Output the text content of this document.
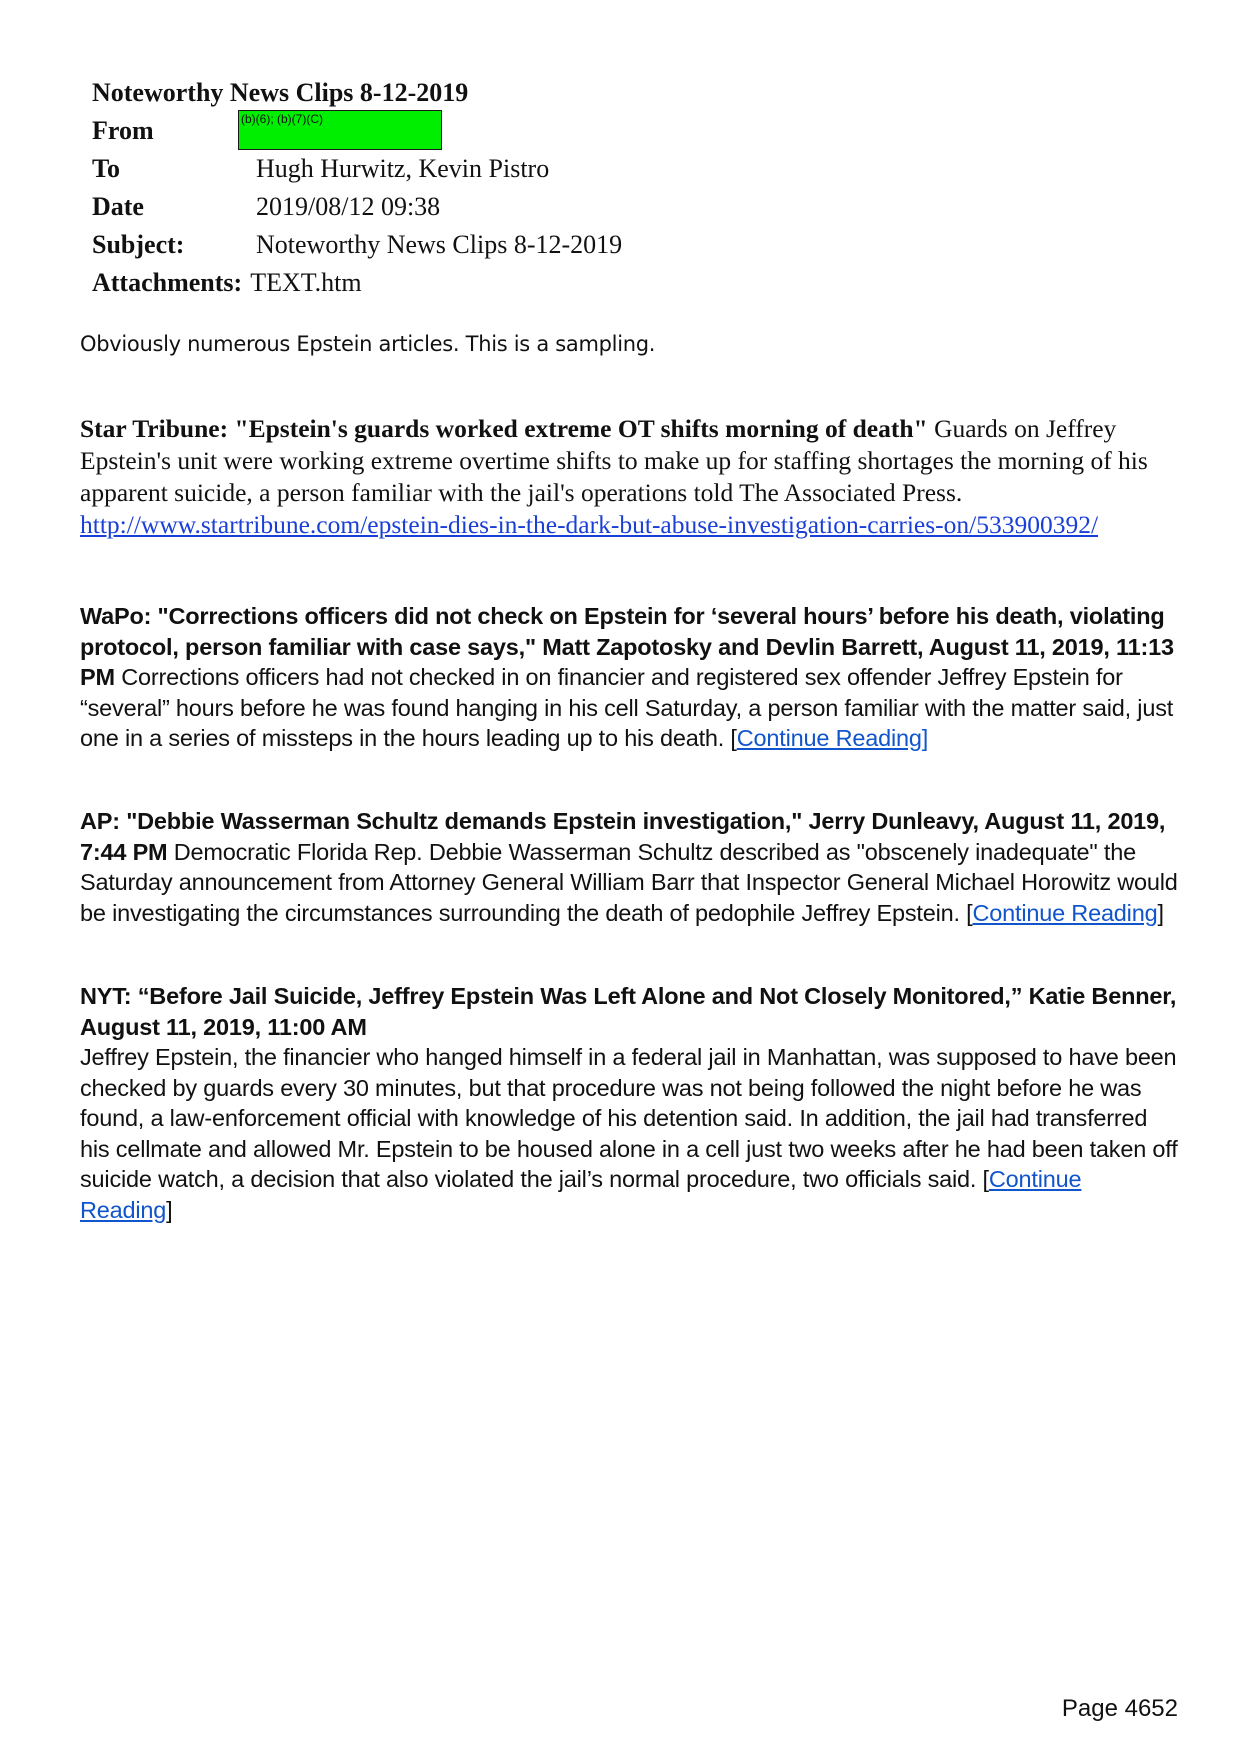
Noteworthy News Clips 8-12-2019
From	(b)(6); (b)(7)(C)
To	Hugh Hurwitz, Kevin Pistro
Date	2019/08/12 09:38
Subject:	Noteworthy News Clips 8-12-2019
Attachments: TEXT.htm
Obviously numerous Epstein articles. This is a sampling.
Star Tribune: "Epstein's guards worked extreme OT shifts morning of death" Guards on Jeffrey Epstein's unit were working extreme overtime shifts to make up for staffing shortages the morning of his apparent suicide, a person familiar with the jail's operations told The Associated Press. http://www.startribune.com/epstein-dies-in-the-dark-but-abuse-investigation-carries-on/533900392/
WaPo: "Corrections officers did not check on Epstein for ‘several hours’ before his death, violating protocol, person familiar with case says," Matt Zapotosky and Devlin Barrett, August 11, 2019, 11:13 PM Corrections officers had not checked in on financier and registered sex offender Jeffrey Epstein for “several” hours before he was found hanging in his cell Saturday, a person familiar with the matter said, just one in a series of missteps in the hours leading up to his death. [Continue Reading]
AP: "Debbie Wasserman Schultz demands Epstein investigation," Jerry Dunleavy, August 11, 2019, 7:44 PM Democratic Florida Rep. Debbie Wasserman Schultz described as "obscenely inadequate" the Saturday announcement from Attorney General William Barr that Inspector General Michael Horowitz would be investigating the circumstances surrounding the death of pedophile Jeffrey Epstein. [Continue Reading]
NYT: “Before Jail Suicide, Jeffrey Epstein Was Left Alone and Not Closely Monitored,” Katie Benner, August 11, 2019, 11:00 AM
Jeffrey Epstein, the financier who hanged himself in a federal jail in Manhattan, was supposed to have been checked by guards every 30 minutes, but that procedure was not being followed the night before he was found, a law-enforcement official with knowledge of his detention said. In addition, the jail had transferred his cellmate and allowed Mr. Epstein to be housed alone in a cell just two weeks after he had been taken off suicide watch, a decision that also violated the jail’s normal procedure, two officials said. [Continue Reading]
Page 4652
